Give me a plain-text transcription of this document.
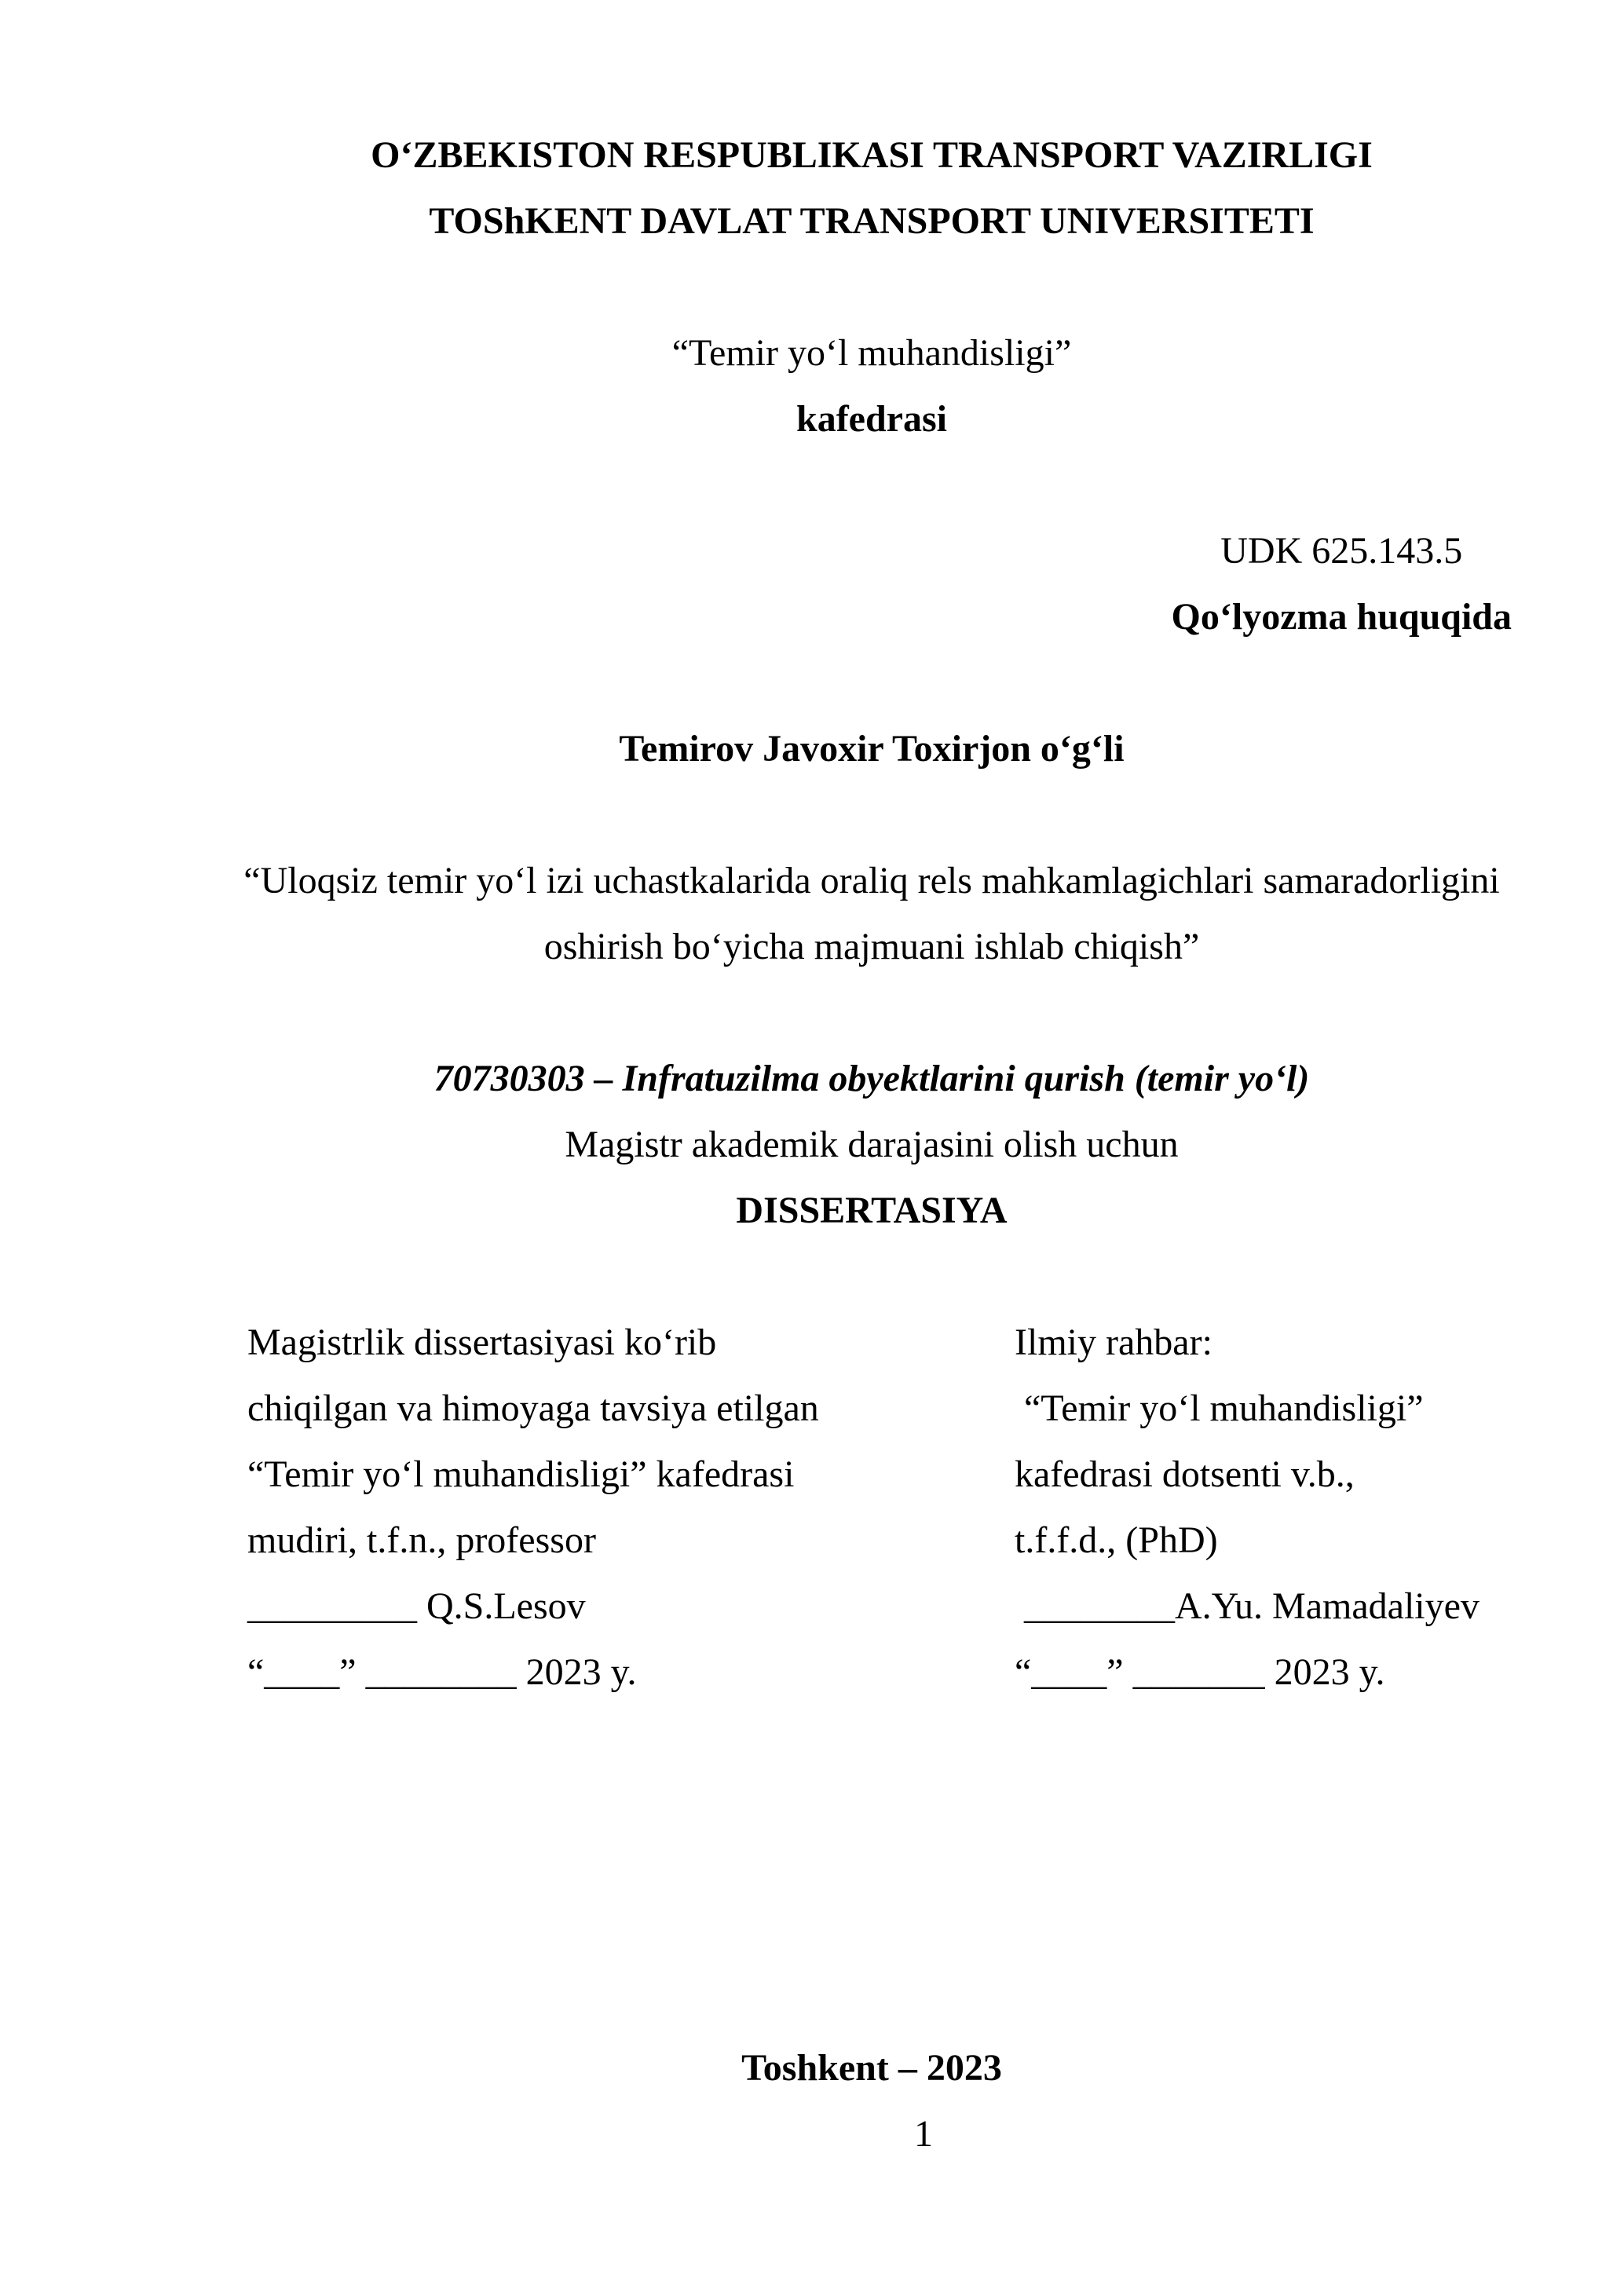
O‘ZBEKISTON RESPUBLIKASI TRANSPORT VAZIRLIGI

TOShKENT DAVLAT TRANSPORT UNIVERSITETI

“Temir yo‘l muhandisligi”

kafedrasi

UDK 625.143.5

Qo‘lyozma huquqida

Temirov Javoxir Toxirjon o‘g‘li

“Uloqsiz temir yo‘l izi uchastkalarida oraliq rels mahkamlagichlari samaradorligini

oshirish bo‘yicha majmuani ishlab chiqish”

70730303 – Infratuzilma obyektlarini qurish (temir yo‘l)

Magistr akademik darajasini olish uchun

DISSERTASIYA

Magistrlik dissertasiyasi ko‘rib

chiqilgan va himoyaga tavsiya etilgan

“Temir yo‘l muhandisligi” kafedrasi

mudiri, t.f.n., professor

_________ Q.S.Lesov

“____” ________ 2023 y.

Ilmiy rahbar:

“Temir yo‘l muhandisligi”

kafedrasi dotsenti v.b.,

t.f.f.d., (PhD)

________A.Yu. Mamadaliyev

“____” _______ 2023 y.

Toshkent – 2023

1
